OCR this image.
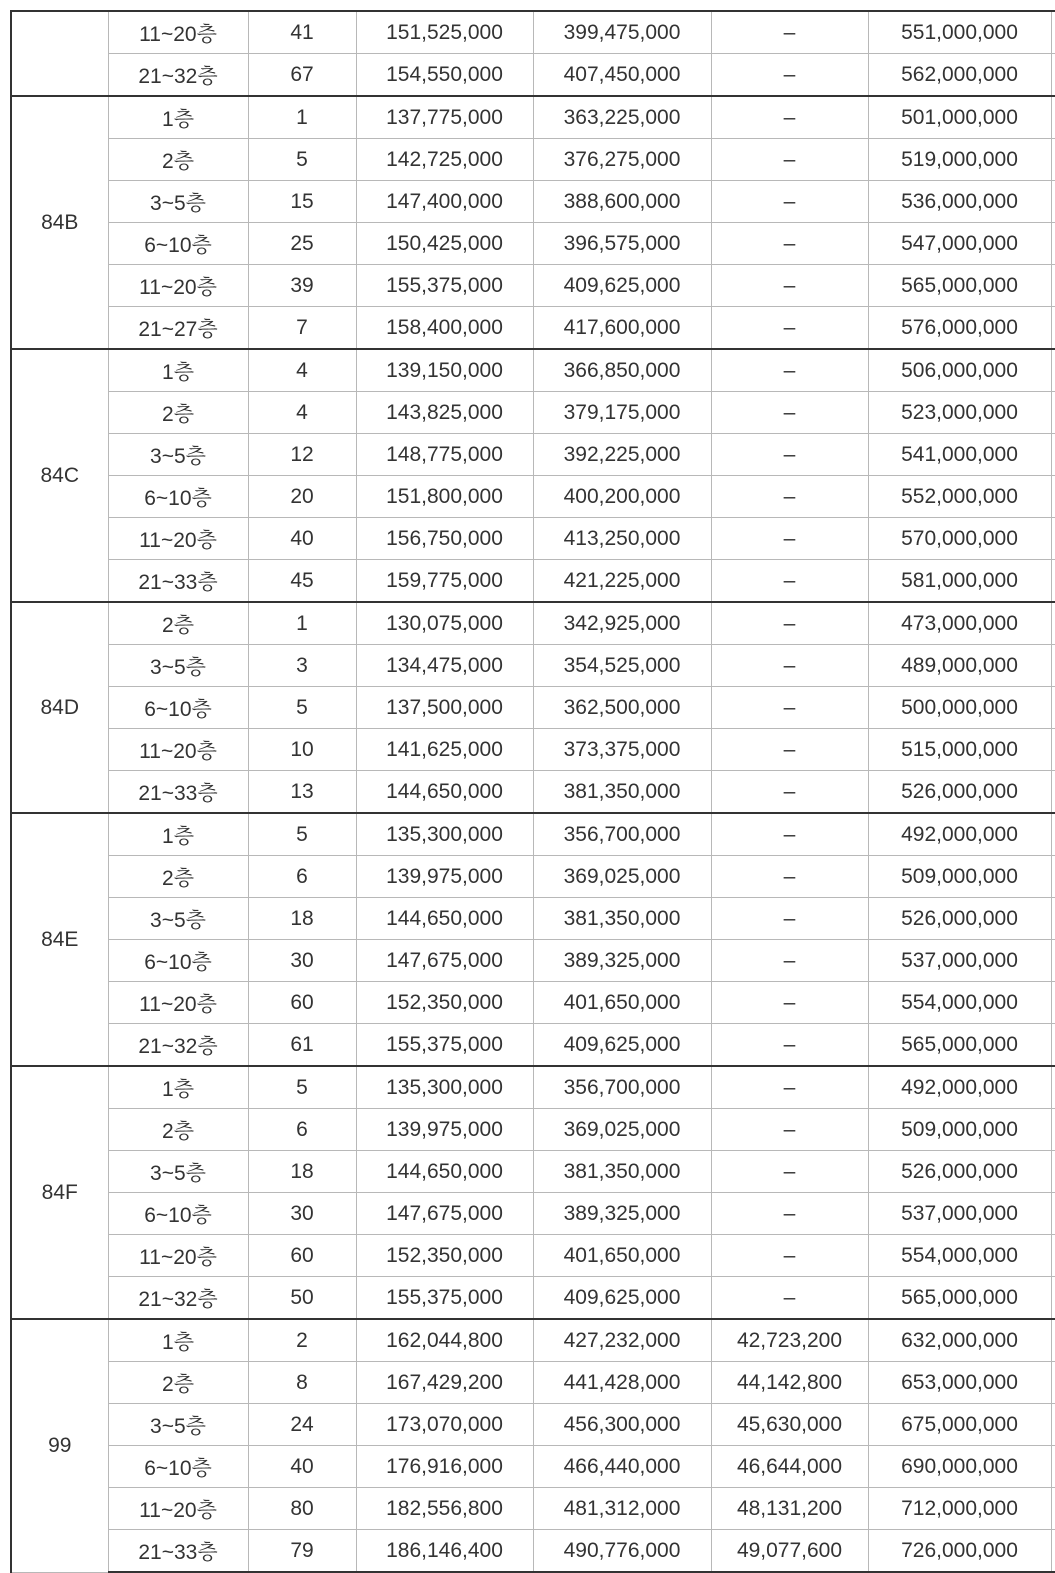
	11~20층	41	151,525,000	399,475,000	–	551,000,000	
	21~32층	67	154,550,000	407,450,000	–	562,000,000	
84B	1층	1	137,775,000	363,225,000	–	501,000,000	
	2층	5	142,725,000	376,275,000	–	519,000,000	
	3~5층	15	147,400,000	388,600,000	–	536,000,000	
	6~10층	25	150,425,000	396,575,000	–	547,000,000	
	11~20층	39	155,375,000	409,625,000	–	565,000,000	
	21~27층	7	158,400,000	417,600,000	–	576,000,000	
84C	1층	4	139,150,000	366,850,000	–	506,000,000	
	2층	4	143,825,000	379,175,000	–	523,000,000	
	3~5층	12	148,775,000	392,225,000	–	541,000,000	
	6~10층	20	151,800,000	400,200,000	–	552,000,000	
	11~20층	40	156,750,000	413,250,000	–	570,000,000	
	21~33층	45	159,775,000	421,225,000	–	581,000,000	
84D	2층	1	130,075,000	342,925,000	–	473,000,000	
	3~5층	3	134,475,000	354,525,000	–	489,000,000	
	6~10층	5	137,500,000	362,500,000	–	500,000,000	
	11~20층	10	141,625,000	373,375,000	–	515,000,000	
	21~33층	13	144,650,000	381,350,000	–	526,000,000	
84E	1층	5	135,300,000	356,700,000	–	492,000,000	
	2층	6	139,975,000	369,025,000	–	509,000,000	
	3~5층	18	144,650,000	381,350,000	–	526,000,000	
	6~10층	30	147,675,000	389,325,000	–	537,000,000	
	11~20층	60	152,350,000	401,650,000	–	554,000,000	
	21~32층	61	155,375,000	409,625,000	–	565,000,000	
84F	1층	5	135,300,000	356,700,000	–	492,000,000	
	2층	6	139,975,000	369,025,000	–	509,000,000	
	3~5층	18	144,650,000	381,350,000	–	526,000,000	
	6~10층	30	147,675,000	389,325,000	–	537,000,000	
	11~20층	60	152,350,000	401,650,000	–	554,000,000	
	21~32층	50	155,375,000	409,625,000	–	565,000,000	
99	1층	2	162,044,800	427,232,000	42,723,200	632,000,000	
	2층	8	167,429,200	441,428,000	44,142,800	653,000,000	
	3~5층	24	173,070,000	456,300,000	45,630,000	675,000,000	
	6~10층	40	176,916,000	466,440,000	46,644,000	690,000,000	
	11~20층	80	182,556,800	481,312,000	48,131,200	712,000,000	
	21~33층	79	186,146,400	490,776,000	49,077,600	726,000,000	
